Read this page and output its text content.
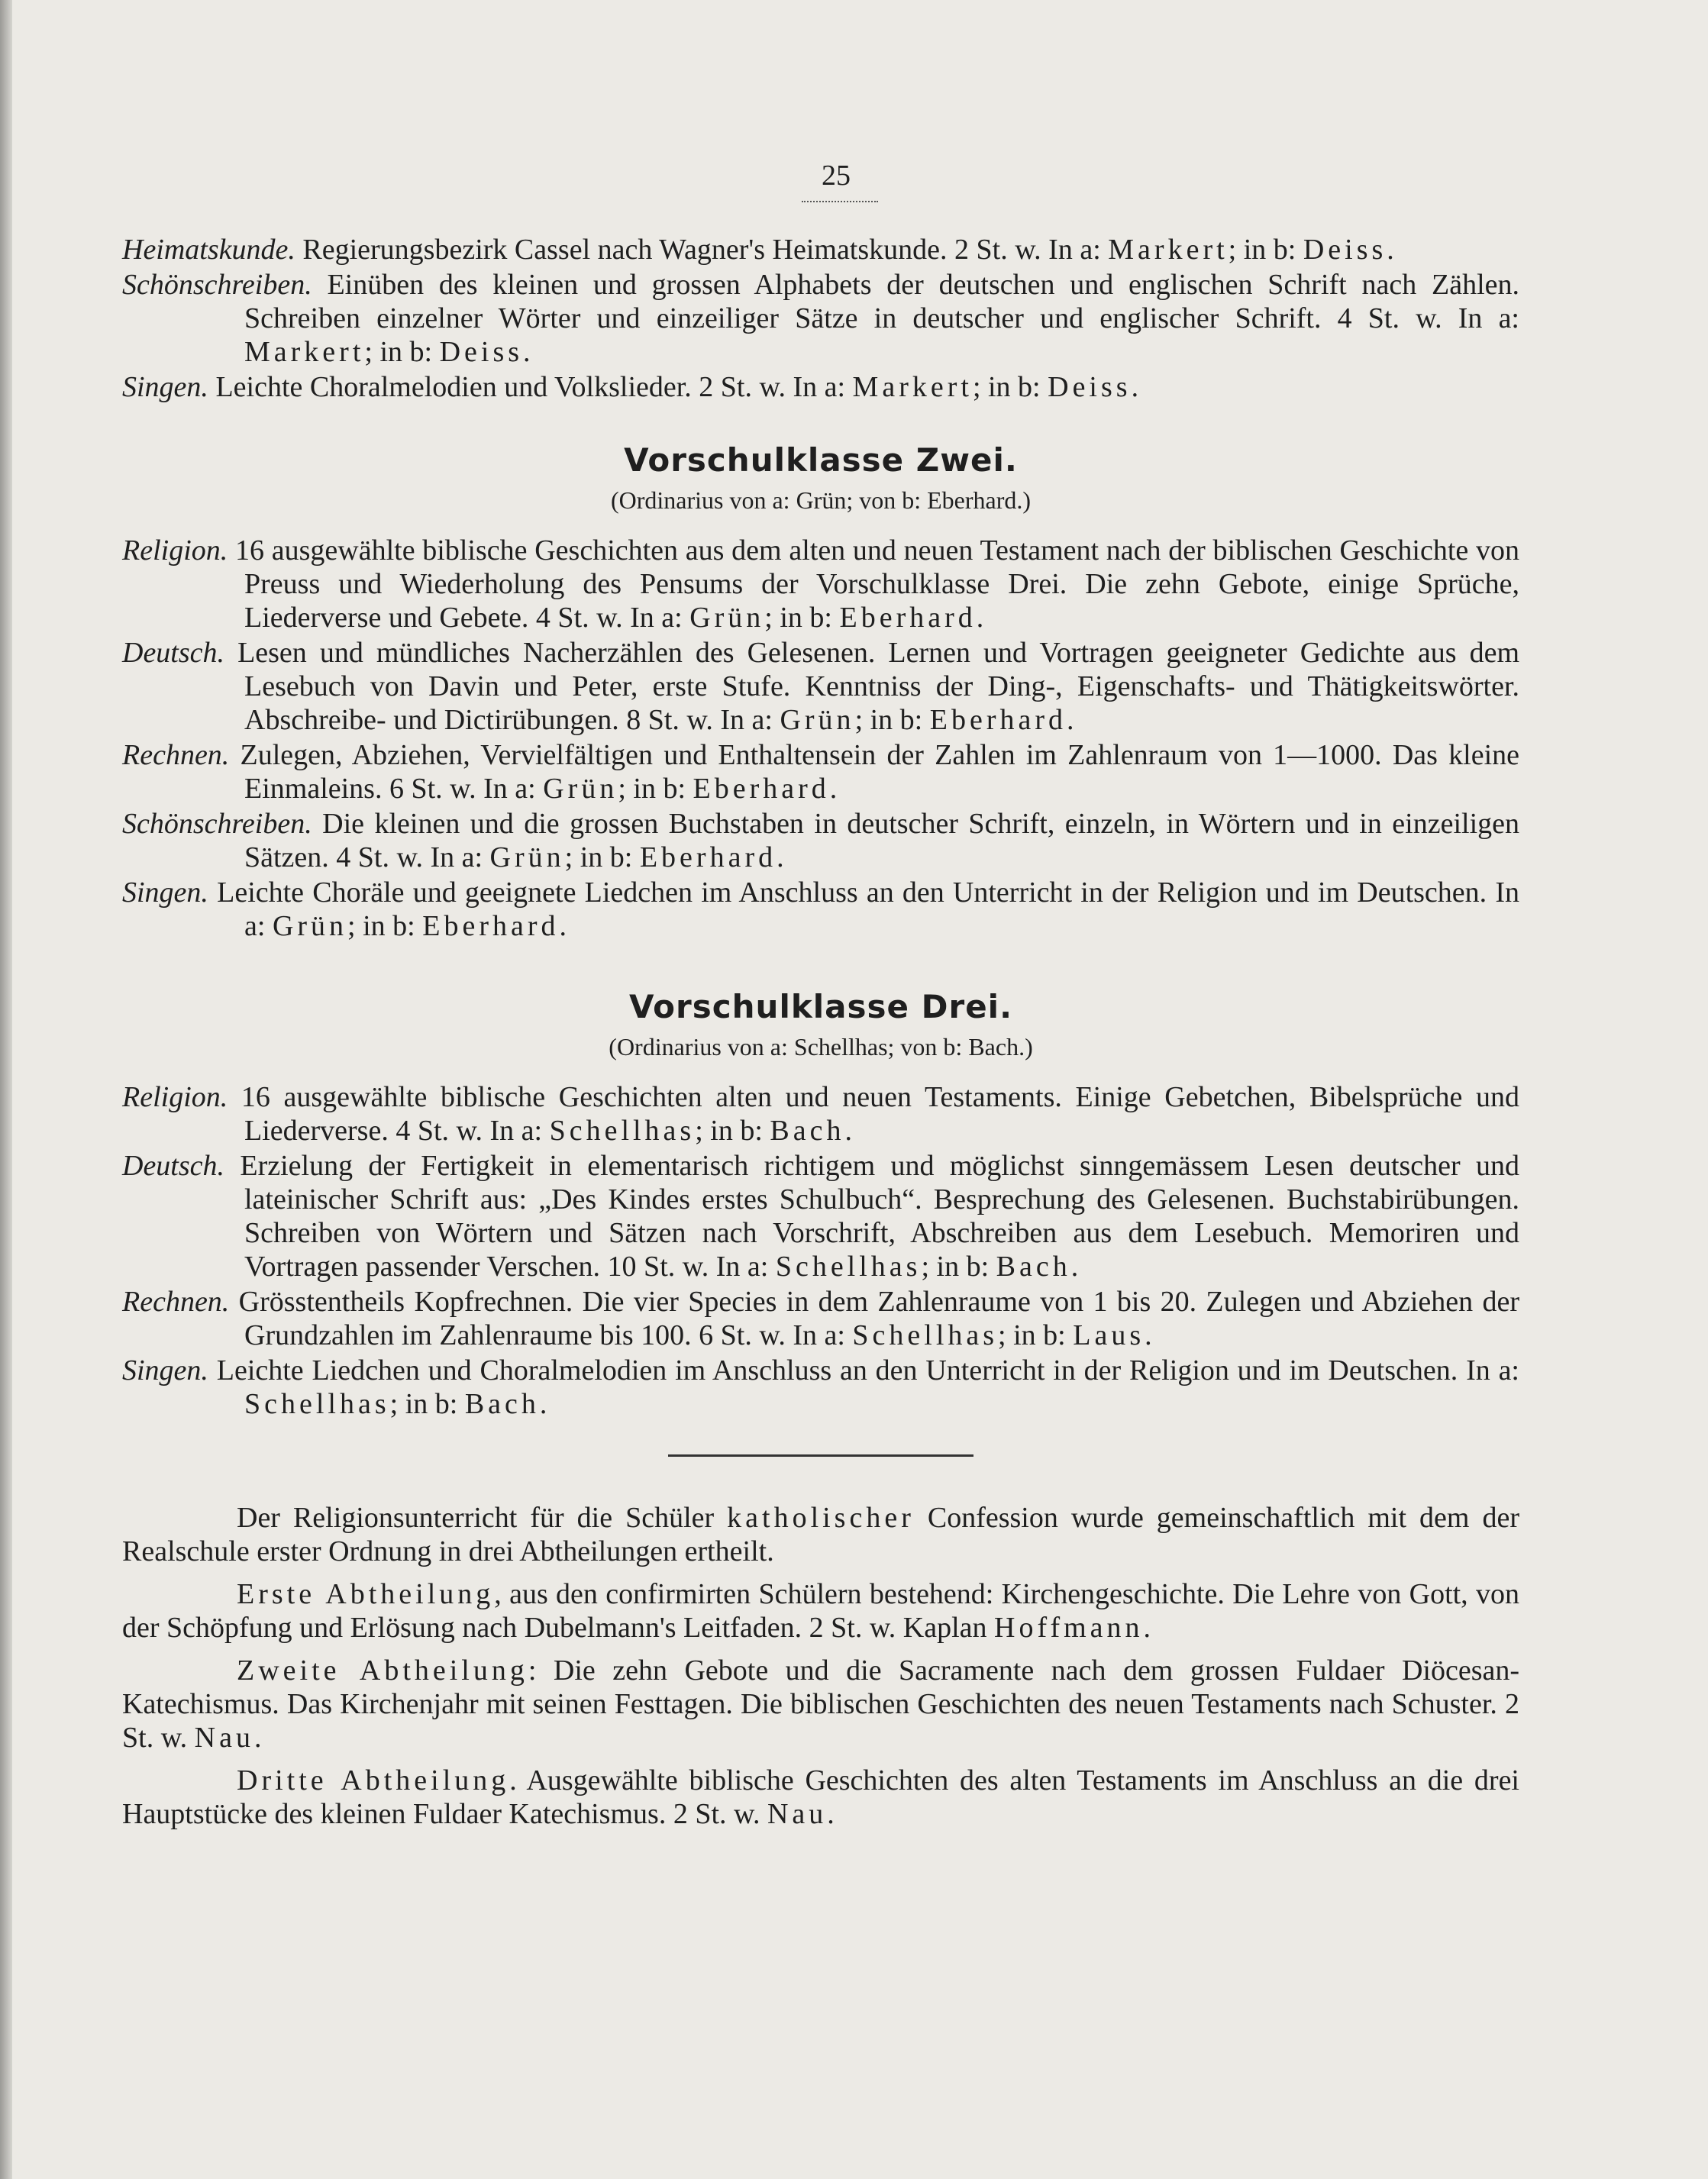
25

Heimatskunde. Regierungsbezirk Cassel nach Wagner's Heimatskunde. 2 St. w. In a: Markert; in b: Deiss.

Schönschreiben. Einüben des kleinen und grossen Alphabets der deutschen und englischen Schrift nach Zählen. Schreiben einzelner Wörter und einzeiliger Sätze in deutscher und englischer Schrift. 4 St. w. In a: Markert; in b: Deiss.

Singen. Leichte Choralmelodien und Volkslieder. 2 St. w. In a: Markert; in b: Deiss.

Vorschulklasse Zwei.
(Ordinarius von a: Grün; von b: Eberhard.)

Religion. 16 ausgewählte biblische Geschichten aus dem alten und neuen Testament nach der biblischen Geschichte von Preuss und Wiederholung des Pensums der Vorschulklasse Drei. Die zehn Gebote, einige Sprüche, Liederverse und Gebete. 4 St. w. In a: Grün; in b: Eberhard.

Deutsch. Lesen und mündliches Nacherzählen des Gelesenen. Lernen und Vortragen geeigneter Gedichte aus dem Lesebuch von Davin und Peter, erste Stufe. Kenntniss der Ding-, Eigenschafts- und Thätigkeitswörter. Abschreibe- und Dictirübungen. 8 St. w. In a: Grün; in b: Eberhard.

Rechnen. Zulegen, Abziehen, Vervielfältigen und Enthaltensein der Zahlen im Zahlenraum von 1—1000. Das kleine Einmaleins. 6 St. w. In a: Grün; in b: Eberhard.

Schönschreiben. Die kleinen und die grossen Buchstaben in deutscher Schrift, einzeln, in Wörtern und in einzeiligen Sätzen. 4 St. w. In a: Grün; in b: Eberhard.

Singen. Leichte Choräle und geeignete Liedchen im Anschluss an den Unterricht in der Religion und im Deutschen. In a: Grün; in b: Eberhard.

Vorschulklasse Drei.
(Ordinarius von a: Schellhas; von b: Bach.)

Religion. 16 ausgewählte biblische Geschichten alten und neuen Testaments. Einige Gebetchen, Bibelsprüche und Liederverse. 4 St. w. In a: Schellhas; in b: Bach.

Deutsch. Erzielung der Fertigkeit in elementarisch richtigem und möglichst sinngemässem Lesen deutscher und lateinischer Schrift aus: „Des Kindes erstes Schulbuch“. Besprechung des Gelesenen. Buchstabirübungen. Schreiben von Wörtern und Sätzen nach Vorschrift, Abschreiben aus dem Lesebuch. Memoriren und Vortragen passender Verschen. 10 St. w. In a: Schellhas; in b: Bach.

Rechnen. Grösstentheils Kopfrechnen. Die vier Species in dem Zahlenraume von 1 bis 20. Zulegen und Abziehen der Grundzahlen im Zahlenraume bis 100. 6 St. w. In a: Schellhas; in b: Laus.

Singen. Leichte Liedchen und Choralmelodien im Anschluss an den Unterricht in der Religion und im Deutschen. In a: Schellhas; in b: Bach.

Der Religionsunterricht für die Schüler katholischer Confession wurde gemeinschaftlich mit dem der Realschule erster Ordnung in drei Abtheilungen ertheilt.

Erste Abtheilung, aus den confirmirten Schülern bestehend: Kirchengeschichte. Die Lehre von Gott, von der Schöpfung und Erlösung nach Dubelmann's Leitfaden. 2 St. w. Kaplan Hoffmann.

Zweite Abtheilung: Die zehn Gebote und die Sacramente nach dem grossen Fuldaer Diöcesan-Katechismus. Das Kirchenjahr mit seinen Festtagen. Die biblischen Geschichten des neuen Testaments nach Schuster. 2 St. w. Nau.

Dritte Abtheilung. Ausgewählte biblische Geschichten des alten Testaments im Anschluss an die drei Hauptstücke des kleinen Fuldaer Katechismus. 2 St. w. Nau.
